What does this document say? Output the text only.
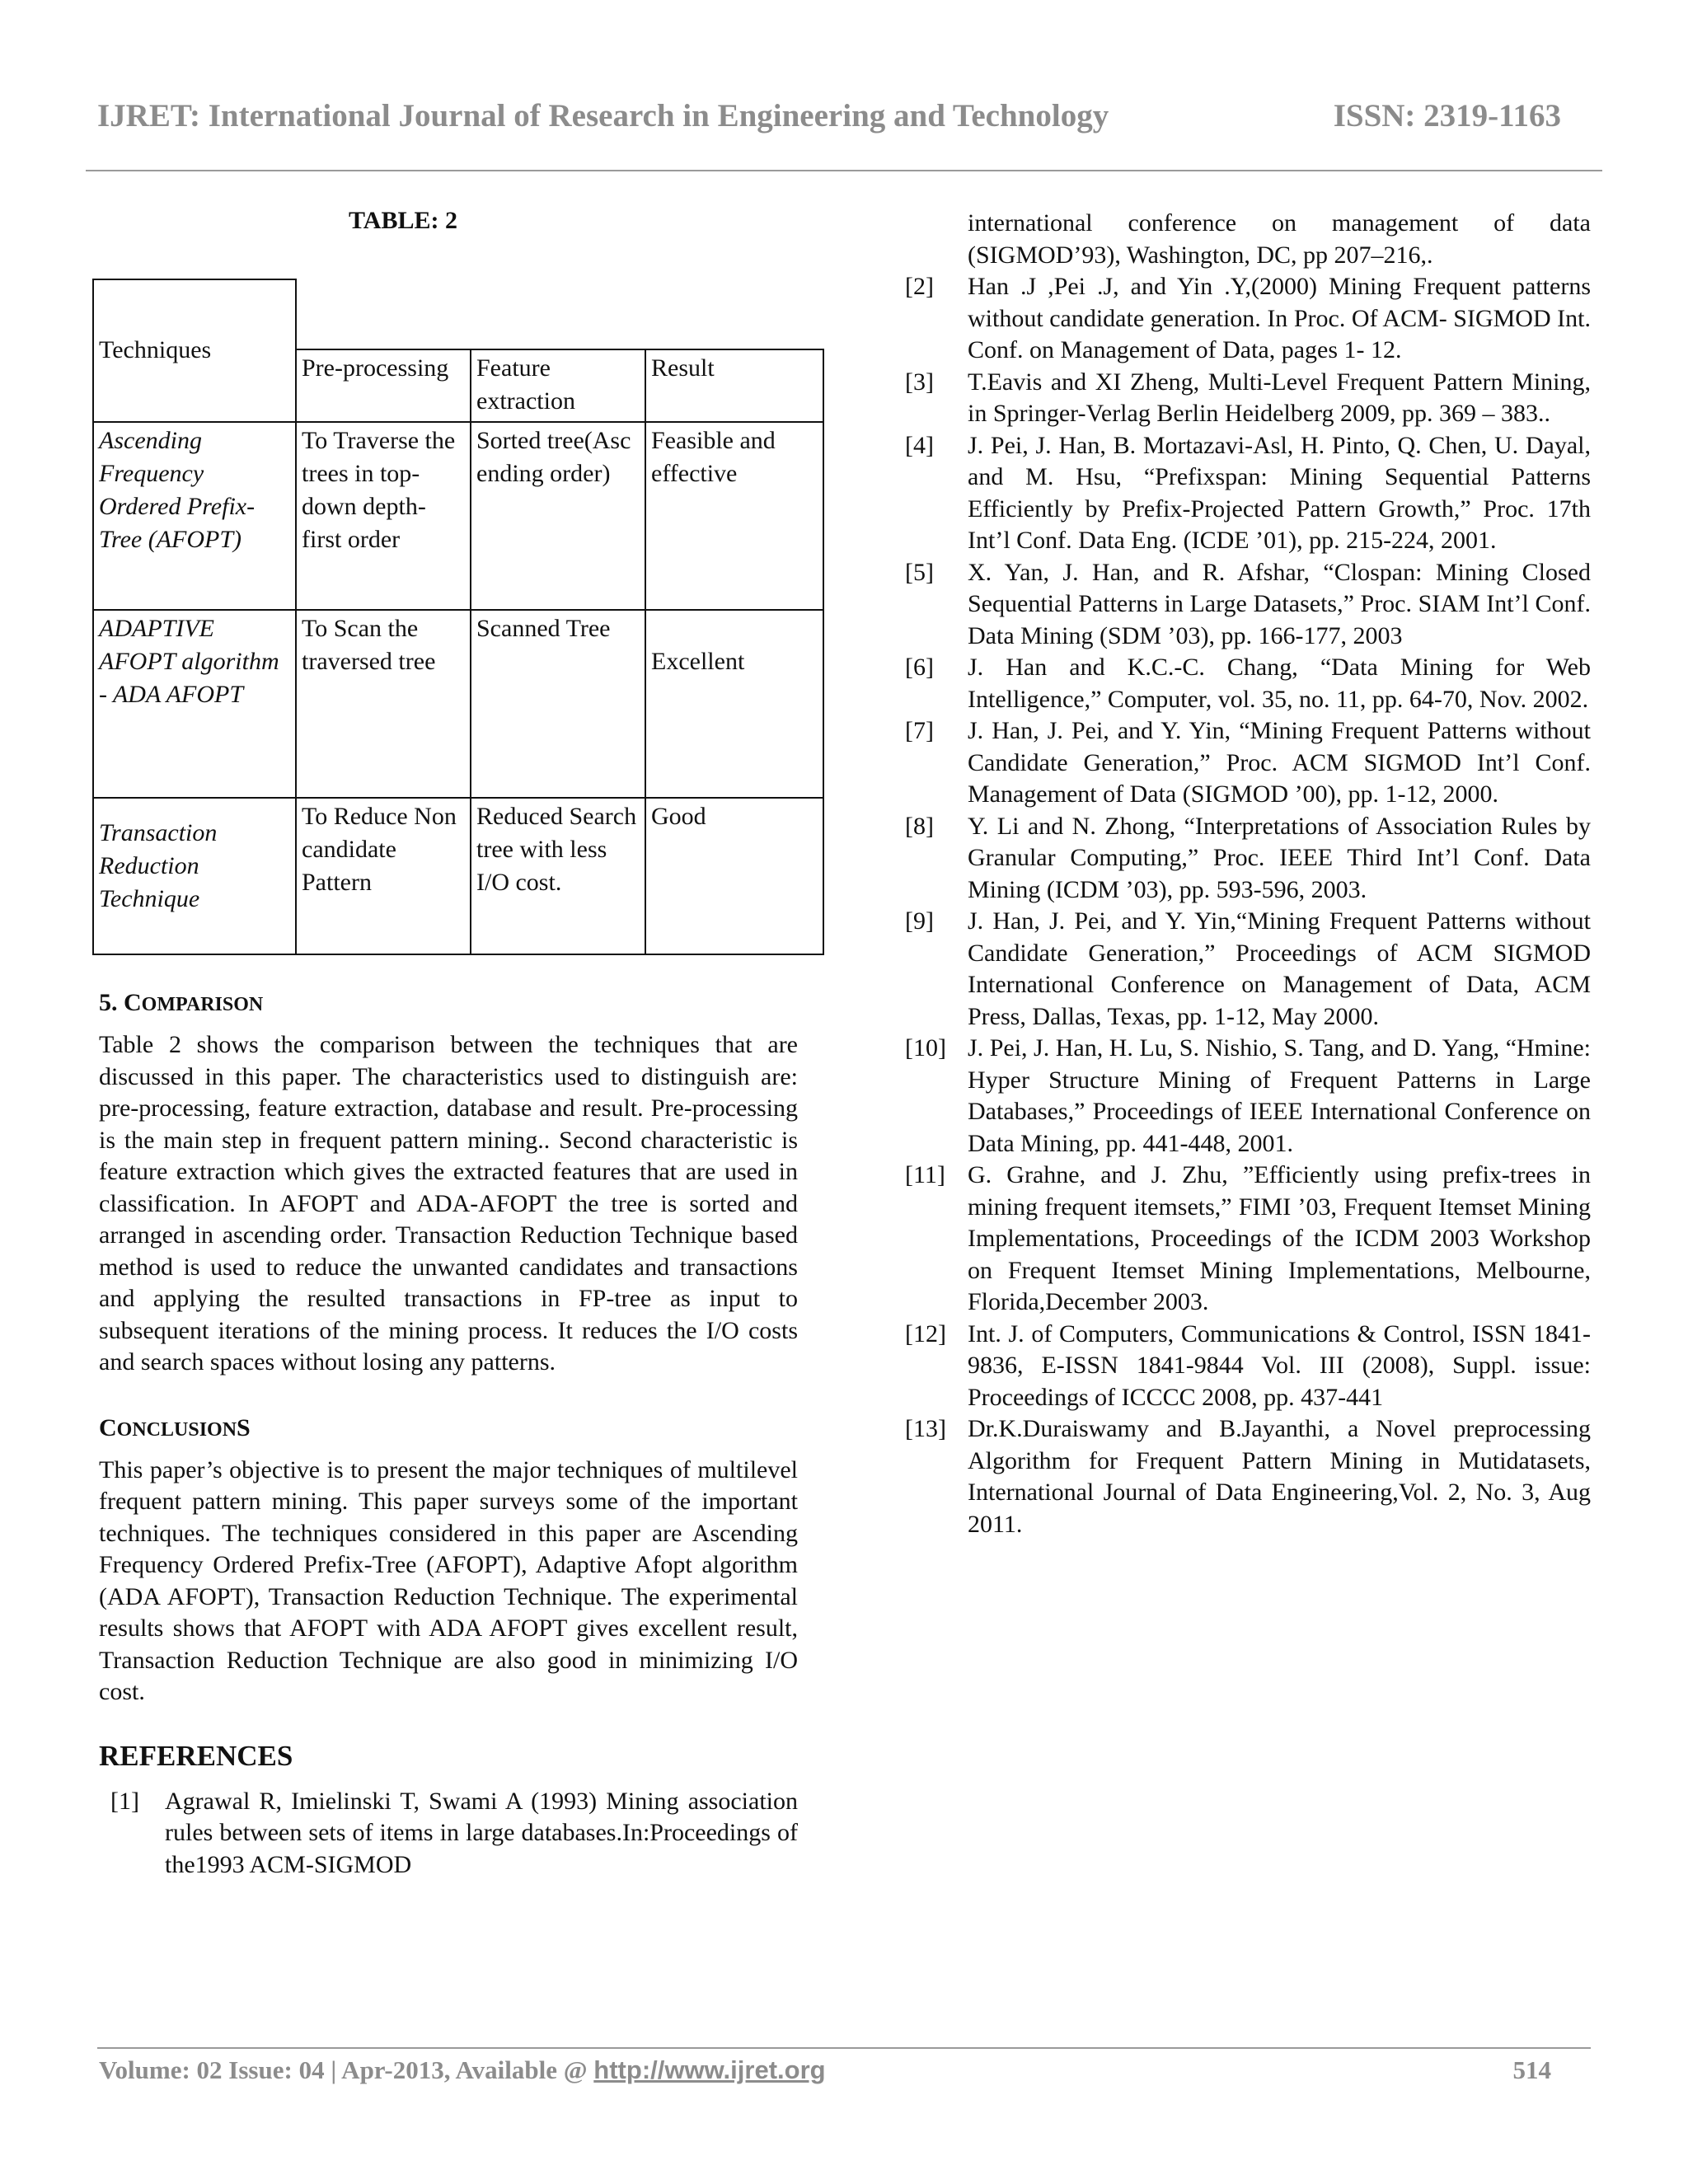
IJRET: International Journal of Research in Engineering and Technology	ISSN: 2319-1163
TABLE: 2
Techniques			
	Pre-processing	Feature extraction	Result
Ascending Frequency Ordered Prefix-Tree (AFOPT)	To Traverse the trees in top-down depth-first order	Sorted tree(Ascending order)	Feasible and effective
ADAPTIVE AFOPT algorithm - ADA AFOPT	To Scan the traversed tree	Scanned Tree	Excellent
Transaction Reduction Technique	To Reduce Non candidate Pattern	Reduced Search tree with less I/O cost.	Good
5. COMPARISON

Table 2 shows the comparison between the techniques that are discussed in this paper. The characteristics used to distinguish are: pre-processing, feature extraction, database and result. Pre-processing is the main step in frequent pattern mining.. Second characteristic is feature extraction which gives the extracted features that are used in classification. In AFOPT and ADA-AFOPT the tree is sorted and arranged in ascending order. Transaction Reduction Technique based method is used to reduce the unwanted candidates and transactions and applying the resulted transactions in FP-tree as input to subsequent iterations of the mining process. It reduces the I/O costs and search spaces without losing any patterns.

CONCLUSIONS

This paper’s objective is to present the major techniques of multilevel frequent pattern mining. This paper surveys some of the important techniques. The techniques considered in this paper are Ascending Frequency Ordered Prefix-Tree (AFOPT), Adaptive Afopt algorithm (ADA AFOPT), Transaction Reduction Technique. The experimental results shows that AFOPT with ADA AFOPT gives excellent result, Transaction Reduction Technique are also good in minimizing I/O cost.

REFERENCES
[1]	Agrawal R, Imielinski T, Swami A (1993) Mining association rules between sets of items in large databases.In:Proceedings of the1993 ACM-SIGMOD
international conference on management of data (SIGMOD’93), Washington, DC, pp 207–216,.
[2]	Han .J ,Pei .J, and Yin .Y,(2000) Mining Frequent patterns without candidate generation. In Proc. Of ACM- SIGMOD Int. Conf. on Management of Data, pages 1- 12.
[3]	T.Eavis and XI Zheng, Multi-Level Frequent Pattern Mining, in Springer-Verlag Berlin Heidelberg 2009, pp. 369 – 383..
[4]	J. Pei, J. Han, B. Mortazavi-Asl, H. Pinto, Q. Chen, U. Dayal, and M. Hsu, “Prefixspan: Mining Sequential Patterns Efficiently by Prefix-Projected Pattern Growth,” Proc. 17th Int’l Conf. Data Eng. (ICDE ’01), pp. 215-224, 2001.
[5]	X. Yan, J. Han, and R. Afshar, “Clospan: Mining Closed Sequential Patterns in Large Datasets,” Proc. SIAM Int’l Conf. Data Mining (SDM ’03), pp. 166-177, 2003
[6]	J. Han and K.C.-C. Chang, “Data Mining for Web Intelligence,” Computer, vol. 35, no. 11, pp. 64-70, Nov. 2002.
[7]	J. Han, J. Pei, and Y. Yin, “Mining Frequent Patterns without Candidate Generation,” Proc. ACM SIGMOD Int’l Conf. Management of Data (SIGMOD ’00), pp. 1-12, 2000.
[8]	Y. Li and N. Zhong, “Interpretations of Association Rules by Granular Computing,” Proc. IEEE Third Int’l Conf. Data Mining (ICDM ’03), pp. 593-596, 2003.
[9]	J. Han, J. Pei, and Y. Yin,“Mining Frequent Patterns without Candidate Generation,” Proceedings of ACM SIGMOD International Conference on Management of Data, ACM Press, Dallas, Texas, pp. 1-12, May 2000.
[10] J. Pei, J. Han, H. Lu, S. Nishio, S. Tang, and D. Yang, “Hmine: Hyper Structure Mining of Frequent Patterns in Large Databases,” Proceedings of IEEE International Conference on Data Mining, pp. 441-448, 2001.
[11] G. Grahne, and J. Zhu, ”Efficiently using prefix-trees in mining frequent itemsets,” FIMI ’03, Frequent Itemset Mining Implementations, Proceedings of the ICDM 2003 Workshop on Frequent Itemset Mining Implementations, Melbourne, Florida,December 2003.
[12] Int. J. of Computers, Communications & Control, ISSN 1841-9836, E-ISSN 1841-9844 Vol. III (2008), Suppl. issue: Proceedings of ICCCC 2008, pp. 437-441
[13] Dr.K.Duraiswamy and B.Jayanthi, a Novel preprocessing Algorithm for Frequent Pattern Mining in Mutidatasets, International Journal of Data Engineering,Vol. 2, No. 3, Aug 2011.
Volume: 02 Issue: 04 | Apr-2013, Available @ http://www.ijret.org	514
